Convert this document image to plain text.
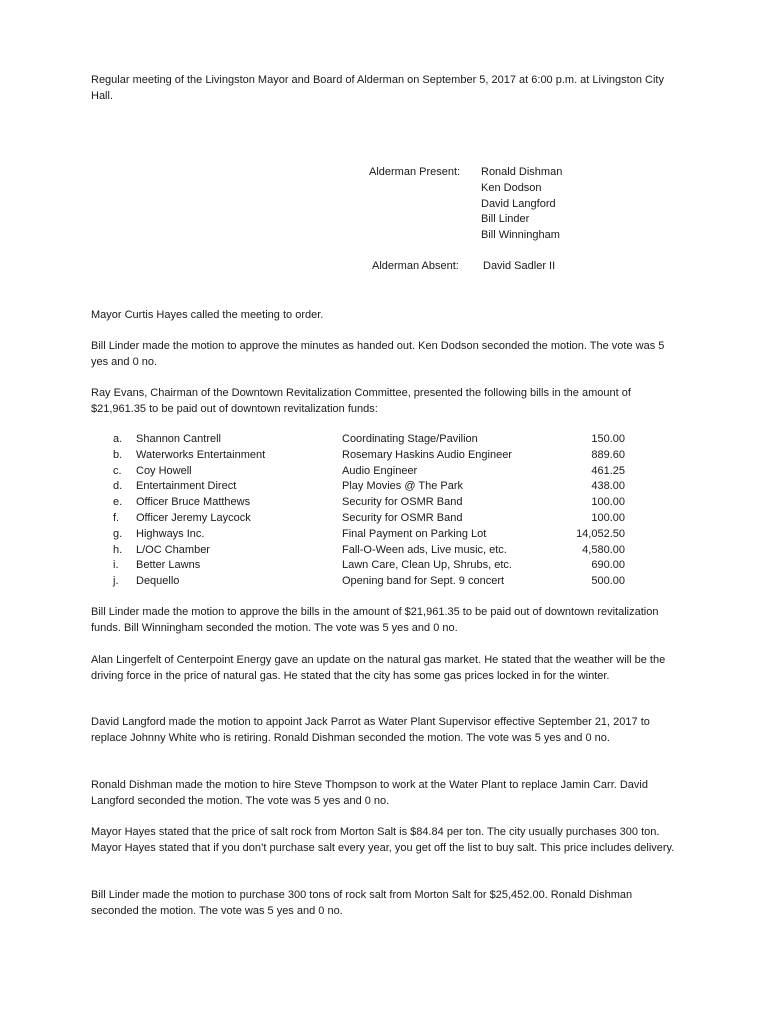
Regular meeting of the Livingston Mayor and Board of Alderman on September 5, 2017 at 6:00 p.m. at Livingston City Hall.

Alderman Present: Ronald Dishman
Ken Dodson
David Langford
Bill Linder
Bill Winningham
Alderman Absent: David Sadler II

Mayor Curtis Hayes called the meeting to order.

Bill Linder made the motion to approve the minutes as handed out. Ken Dodson seconded the motion. The vote was 5 yes and 0 no.

Ray Evans, Chairman of the Downtown Revitalization Committee, presented the following bills in the amount of $21,961.35 to be paid out of downtown revitalization funds:

a. Shannon Cantrell	Coordinating Stage/Pavilion	150.00
b. Waterworks Entertainment	Rosemary Haskins Audio Engineer	889.60
c. Coy Howell	Audio Engineer	461.25
d. Entertainment Direct	Play Movies @ The Park	438.00
e. Officer Bruce Matthews	Security for OSMR Band	100.00
f. Officer Jeremy Laycock	Security for OSMR Band	100.00
g. Highways Inc.	Final Payment on Parking Lot	14,052.50
h. L/OC Chamber	Fall-O-Ween ads, Live music, etc.	4,580.00
i. Better Lawns	Lawn Care, Clean Up, Shrubs, etc.	690.00
j. Dequello	Opening band for Sept. 9 concert	500.00

Bill Linder made the motion to approve the bills in the amount of $21,961.35 to be paid out of downtown revitalization funds. Bill Winningham seconded the motion. The vote was 5 yes and 0 no.

Alan Lingerfelt of Centerpoint Energy gave an update on the natural gas market. He stated that the weather will be the driving force in the price of natural gas. He stated that the city has some gas prices locked in for the winter.

David Langford made the motion to appoint Jack Parrot as Water Plant Supervisor effective September 21, 2017 to replace Johnny White who is retiring. Ronald Dishman seconded the motion. The vote was 5 yes and 0 no.

Ronald Dishman made the motion to hire Steve Thompson to work at the Water Plant to replace Jamin Carr. David Langford seconded the motion. The vote was 5 yes and 0 no.

Mayor Hayes stated that the price of salt rock from Morton Salt is $84.84 per ton. The city usually purchases 300 ton. Mayor Hayes stated that if you don’t purchase salt every year, you get off the list to buy salt. This price includes delivery.

Bill Linder made the motion to purchase 300 tons of rock salt from Morton Salt for $25,452.00. Ronald Dishman seconded the motion. The vote was 5 yes and 0 no.
